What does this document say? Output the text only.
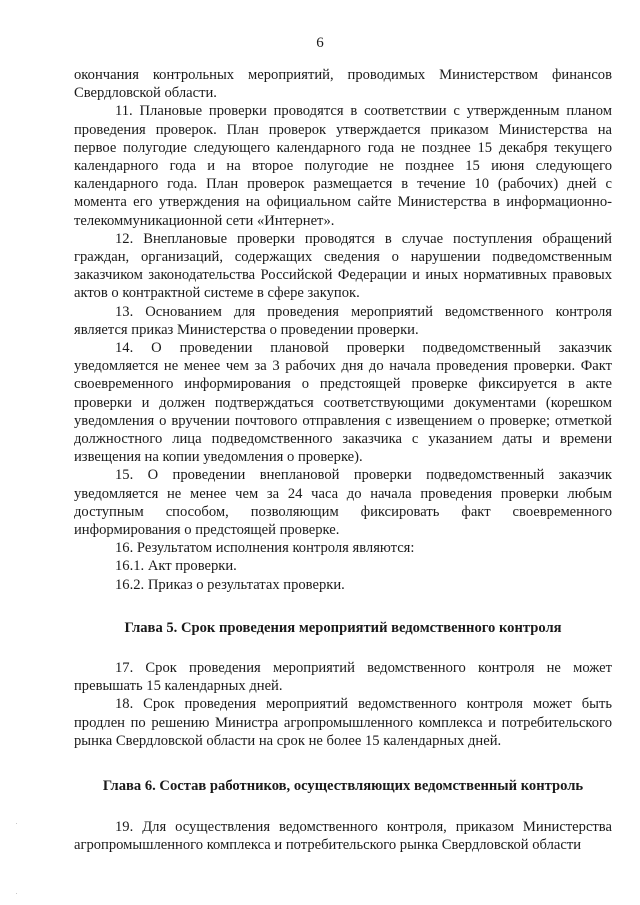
6

окончания контрольных мероприятий, проводимых Министерством финансов Свердловской области.

11. Плановые проверки проводятся в соответствии с утвержденным планом проведения проверок. План проверок утверждается приказом Министерства на первое полугодие следующего календарного года не позднее 15 декабря текущего календарного года и на второе полугодие не позднее 15 июня следующего календарного года. План проверок размещается в течение 10 (рабочих) дней с момента его утверждения на официальном сайте Министерства в информационно-телекоммуникационной сети «Интернет».

12. Внеплановые проверки проводятся в случае поступления обращений граждан, организаций, содержащих сведения о нарушении подведомственным заказчиком законодательства Российской Федерации и иных нормативных правовых актов о контрактной системе в сфере закупок.

13. Основанием для проведения мероприятий ведомственного контроля является приказ Министерства о проведении проверки.

14. О проведении плановой проверки подведомственный заказчик уведомляется не менее чем за 3 рабочих дня до начала проведения проверки. Факт своевременного информирования о предстоящей проверке фиксируется в акте проверки и должен подтверждаться соответствующими документами (корешком уведомления о вручении почтового отправления с извещением о проверке; отметкой должностного лица подведомственного заказчика с указанием даты и времени извещения на копии уведомления о проверке).

15. О проведении внеплановой проверки подведомственный заказчик уведомляется не менее чем за 24 часа до начала проведения проверки любым доступным способом, позволяющим фиксировать факт своевременного информирования о предстоящей проверке.

16. Результатом исполнения контроля являются:

16.1. Акт проверки.

16.2. Приказ о результатах проверки.

Глава 5. Срок проведения мероприятий ведомственного контроля

17. Срок проведения мероприятий ведомственного контроля не может превышать 15 календарных дней.

18. Срок проведения мероприятий ведомственного контроля может быть продлен по решению Министра агропромышленного комплекса и потребительского рынка Свердловской области на срок не более 15 календарных дней.

Глава 6. Состав работников, осуществляющих ведомственный контроль

19. Для осуществления ведомственного контроля, приказом Министерства агропромышленного комплекса и потребительского рынка Свердловской области
